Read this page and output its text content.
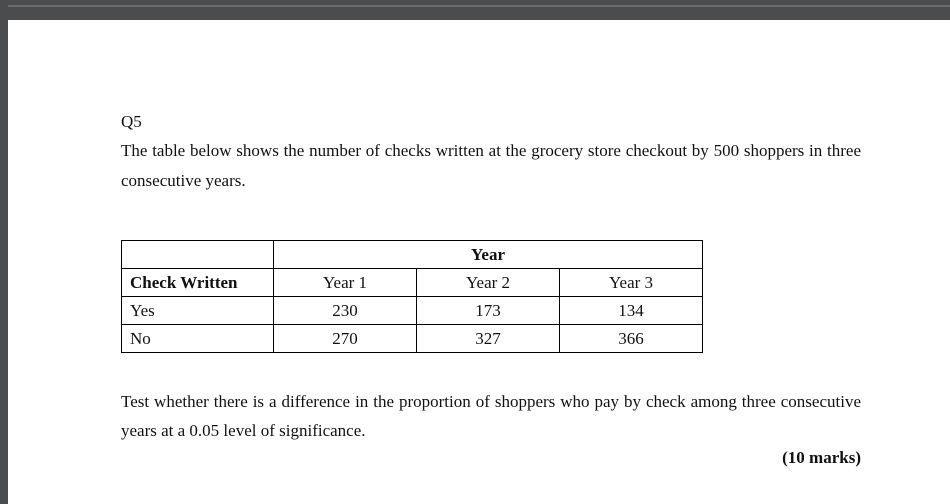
Q5

The table below shows the number of checks written at the grocery store checkout by 500 shoppers in three consecutive years.

	Year		
Check Written	Year 1	Year 2	Year 3
Yes	230	173	134
No	270	327	366

Test whether there is a difference in the proportion of shoppers who pay by check among three consecutive years at a 0.05 level of significance.

(10 marks)
